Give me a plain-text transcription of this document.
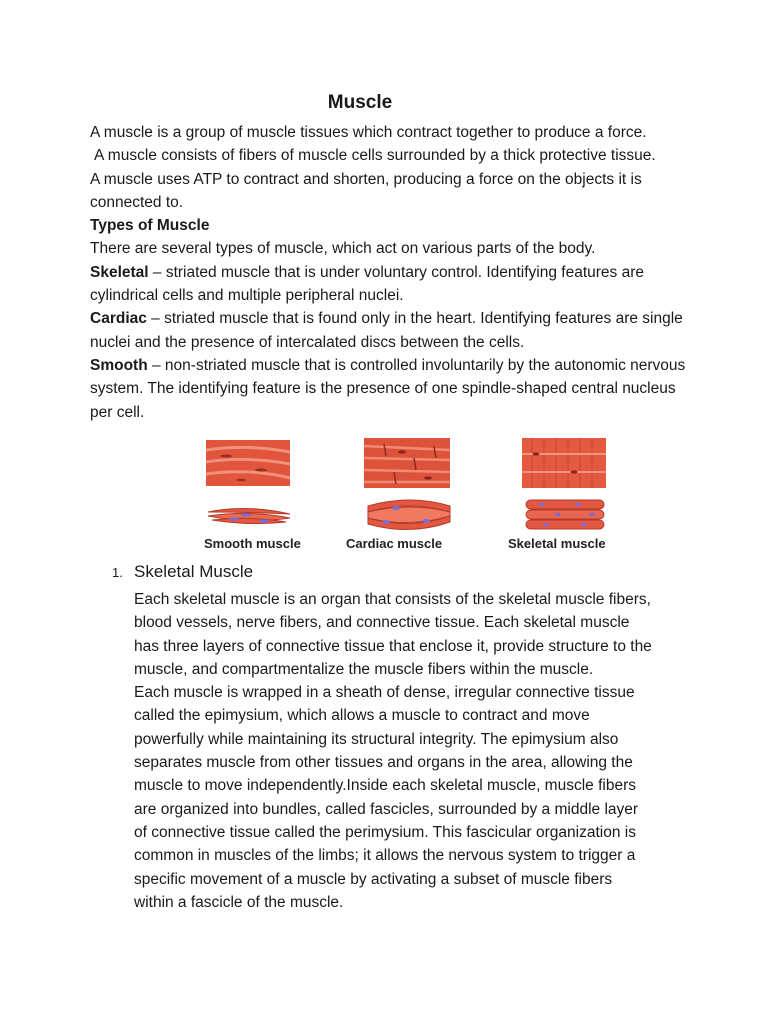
Muscle

A muscle is a group of muscle tissues which contract together to produce a force.

A muscle consists of fibers of muscle cells surrounded by a thick protective tissue.

A muscle uses ATP to contract and shorten, producing a force on the objects it is connected to.

Types of Muscle

There are several types of muscle, which act on various parts of the body.

Skeletal – striated muscle that is under voluntary control. Identifying features are cylindrical cells and multiple peripheral nuclei.

Cardiac – striated muscle that is found only in the heart. Identifying features are single nuclei and the presence of intercalated discs between the cells.

Smooth – non-striated muscle that is controlled involuntarily by the autonomic nervous system. The identifying feature is the presence of one spindle-shaped central nucleus per cell.

Smooth muscle	Cardiac muscle	Skeletal muscle
1. Skeletal Muscle

Each skeletal muscle is an organ that consists of the skeletal muscle fibers, blood vessels, nerve fibers, and connective tissue. Each skeletal muscle has three layers of connective tissue that enclose it, provide structure to the muscle, and compartmentalize the muscle fibers within the muscle.

Each muscle is wrapped in a sheath of dense, irregular connective tissue called the epimysium, which allows a muscle to contract and move powerfully while maintaining its structural integrity. The epimysium also separates muscle from other tissues and organs in the area, allowing the muscle to move independently.Inside each skeletal muscle, muscle fibers are organized into bundles, called fascicles, surrounded by a middle layer of connective tissue called the perimysium. This fascicular organization is common in muscles of the limbs; it allows the nervous system to trigger a specific movement of a muscle by activating a subset of muscle fibers within a fascicle of the muscle.
